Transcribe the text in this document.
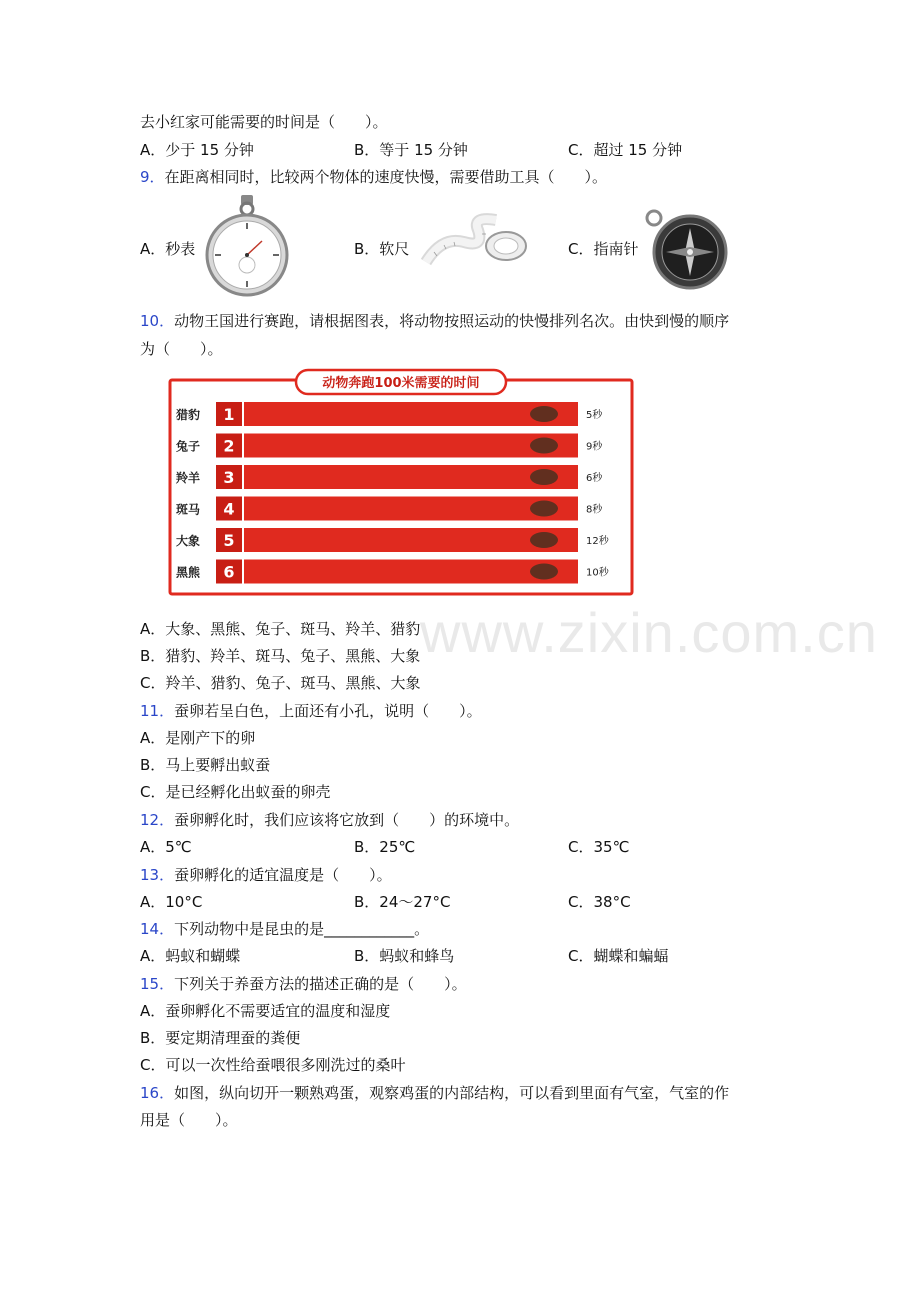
www.zixin.com.cn
去小红家可能需要的时间是（　　）。
A．少于 15 分钟	B．等于 15 分钟	C．超过 15 分钟
9．在距离相同时，比较两个物体的速度快慢，需要借助工具（　　）。
A．秒表	B．软尺	C．指南针
10．动物王国进行赛跑，请根据图表，将动物按照运动的快慢排列名次。由快到慢的顺序
为（　　）。
动物奔跑100米需要的时间
猎豹 1	5秒
兔子 2	9秒
羚羊 3	6秒
斑马 4	8秒
大象 5	12秒
黑熊 6	10秒
A．大象、黑熊、兔子、斑马、羚羊、猎豹
B．猎豹、羚羊、斑马、兔子、黑熊、大象
C．羚羊、猎豹、兔子、斑马、黑熊、大象
11．蚕卵若呈白色，上面还有小孔，说明（　　）。
A．是刚产下的卵
B．马上要孵出蚁蚕
C．是已经孵化出蚁蚕的卵壳
12．蚕卵孵化时，我们应该将它放到（　　）的环境中。
A．5℃	B．25℃	C．35℃
13．蚕卵孵化的适宜温度是（　　）。
A．10°C	B．24～27°C	C．38°C
14．下列动物中是昆虫的是____________。
A．蚂蚁和蝴蝶	B．蚂蚁和蜂鸟	C．蝴蝶和蝙蝠
15．下列关于养蚕方法的描述正确的是（　　）。
A．蚕卵孵化不需要适宜的温度和湿度
B．要定期清理蚕的粪便
C．可以一次性给蚕喂很多刚洗过的桑叶
16．如图，纵向切开一颗熟鸡蛋，观察鸡蛋的内部结构，可以看到里面有气室，气室的作
用是（　　）。
